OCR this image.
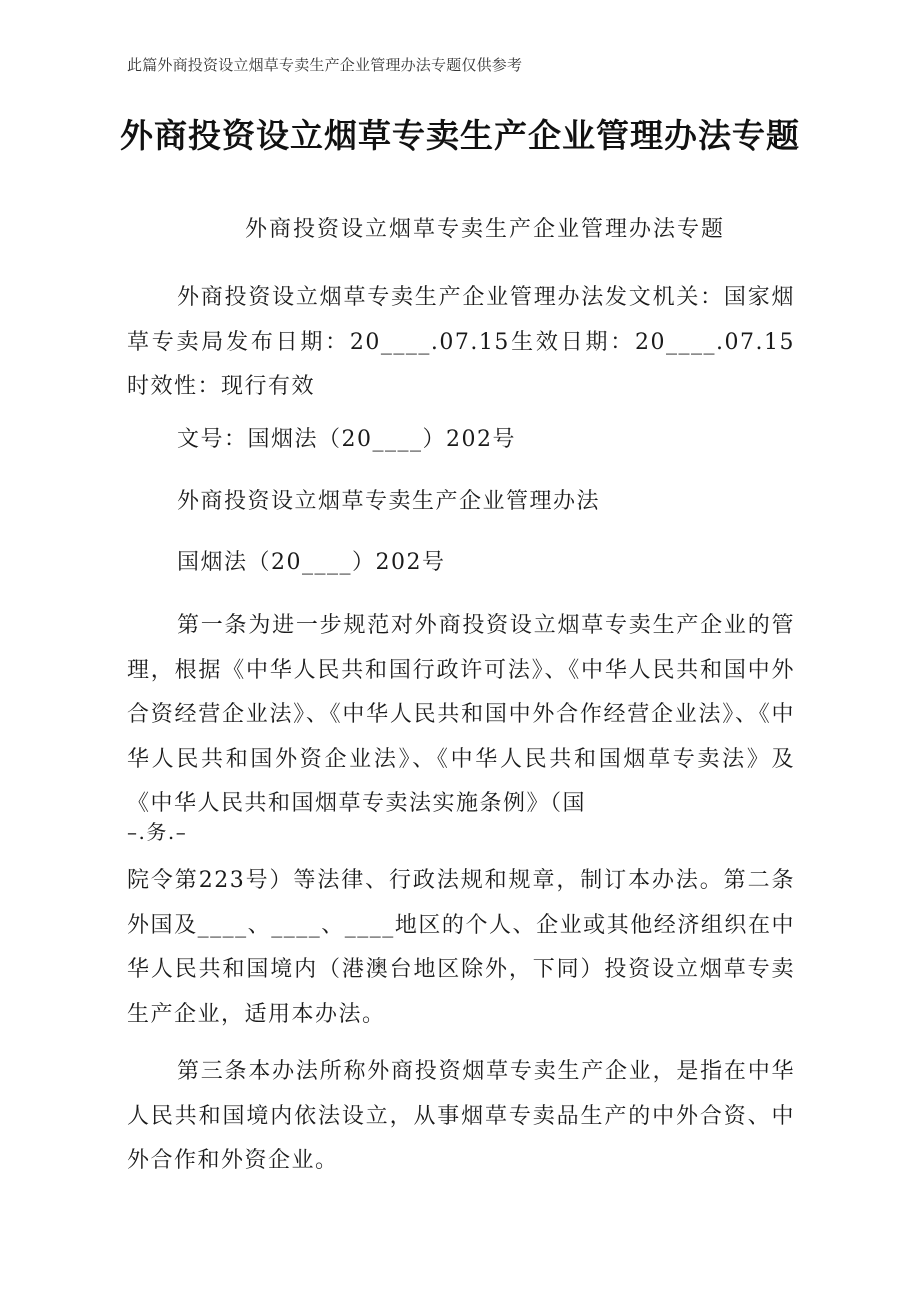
此篇外商投资设立烟草专卖生产企业管理办法专题仅供参考
外商投资设立烟草专卖生产企业管理办法专题
外商投资设立烟草专卖生产企业管理办法专题

外商投资设立烟草专卖生产企业管理办法发文机关：国家烟草专卖局发布日期：20____.07.15生效日期：20____.07.15时效性：现行有效

文号：国烟法（20____）202号

外商投资设立烟草专卖生产企业管理办法

国烟法（20____）202号

第一条为进一步规范对外商投资设立烟草专卖生产企业的管理，根据《中华人民共和国行政许可法》、《中华人民共和国中外合资经营企业法》、《中华人民共和国中外合作经营企业法》、《中华人民共和国外资企业法》、《中华人民共和国烟草专卖法》及《中华人民共和国烟草专卖法实施条例》（国

–.务.–

院令第223号）等法律、行政法规和规章，制订本办法。第二条外国及____、____、____地区的个人、企业或其他经济组织在中华人民共和国境内（港澳台地区除外，下同）投资设立烟草专卖生产企业，适用本办法。

第三条本办法所称外商投资烟草专卖生产企业，是指在中华人民共和国境内依法设立，从事烟草专卖品生产的中外合资、中外合作和外资企业。
